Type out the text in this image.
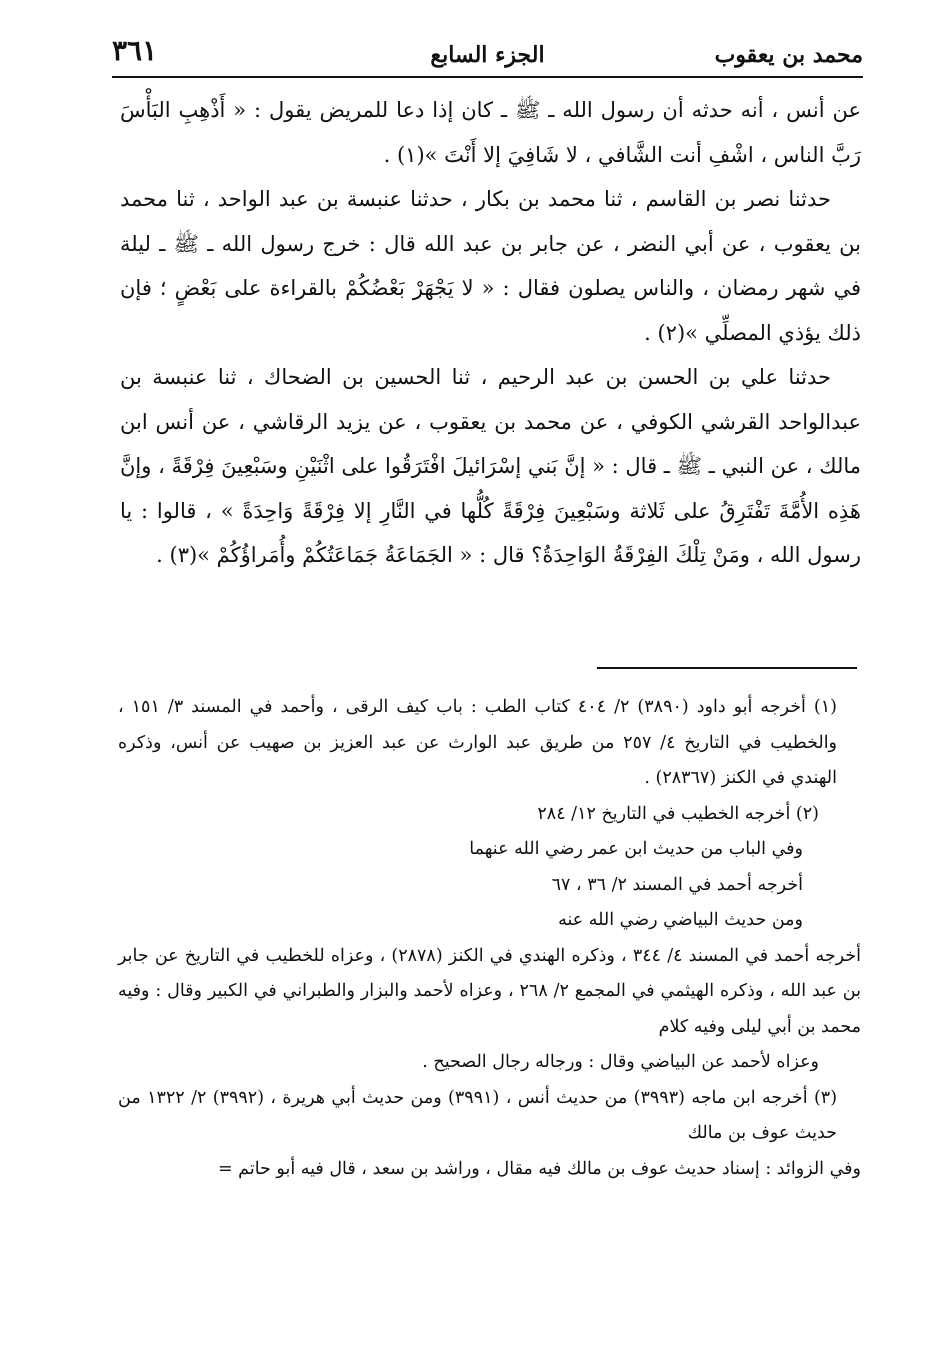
محمد بن يعقوب
الجزء السابع
٣٦١

عن أنس ، أنه حدثه أن رسول الله ـ ﷺ ـ كان إذا دعا للمريض يقول : « أَذْهِبِ البَأْسَ رَبَّ الناس ، اشْفِ أنت الشَّافي ، لا شَافِيَ إلا أَنْتَ »(١) .

حدثنا نصر بن القاسم ، ثنا محمد بن بكار ، حدثنا عنبسة بن عبد الواحد ، ثنا محمد بن يعقوب ، عن أبي النضر ، عن جابر بن عبد الله قال : خرج رسول الله ـ ﷺ ـ ليلة في شهر رمضان ، والناس يصلون فقال : « لا يَجْهَرْ بَعْضُكُمْ بالقراءة على بَعْضٍ ؛ فإن ذلك يؤذي المصلِّي »(٢) .

حدثنا علي بن الحسن بن عبد الرحيم ، ثنا الحسين بن الضحاك ، ثنا عنبسة بن عبدالواحد القرشي الكوفي ، عن محمد بن يعقوب ، عن يزيد الرقاشي ، عن أنس ابن مالك ، عن النبي ـ ﷺ ـ قال : « إنَّ بَني إسْرَائيلَ افْتَرَقُوا على اثْنَيْنِ وسَبْعِينَ فِرْقَةً ، وإنَّ هَذِه الأُمَّةَ تَفْتَرِقُ على ثَلاثة وسَبْعِينَ فِرْقَةً كُلُّها في النَّارِ إلا فِرْقَةً وَاحِدَةً » ، قالوا : يا رسول الله ، ومَنْ تِلْكَ الفِرْقَةُ الوَاحِدَةُ؟ قال : « الجَمَاعَةُ جَمَاعَتُكُمْ وأُمَراؤُكُمْ »(٣) .

(١) أخرجه أبو داود (٣٨٩٠) ٢/ ٤٠٤ كتاب الطب : باب كيف الرقى ، وأحمد في المسند ٣/ ١٥١ ، والخطيب في التاريخ ٤/ ٢٥٧ من طريق عبد الوارث عن عبد العزيز بن صهيب عن أنس، وذكره الهندي في الكنز (٢٨٣٦٧) .

(٢) أخرجه الخطيب في التاريخ ١٢/ ٢٨٤

وفي الباب من حديث ابن عمر رضي الله عنهما

أخرجه أحمد في المسند ٢/ ٣٦ ، ٦٧

ومن حديث البياضي رضي الله عنه

أخرجه أحمد في المسند ٤/ ٣٤٤ ، وذكره الهندي في الكنز (٢٨٧٨) ، وعزاه للخطيب في التاريخ عن جابر بن عبد الله ، وذكره الهيثمي في المجمع ٢/ ٢٦٨ ، وعزاه لأحمد والبزار والطبراني في الكبير وقال : وفيه محمد بن أبي ليلى وفيه كلام

وعزاه لأحمد عن البياضي وقال : ورجاله رجال الصحيح .

(٣) أخرجه ابن ماجه (٣٩٩٣) من حديث أنس ، (٣٩٩١) ومن حديث أبي هريرة ، (٣٩٩٢) ٢/ ١٣٢٢ من حديث عوف بن مالك

وفي الزوائد : إسناد حديث عوف بن مالك فيه مقال ، وراشد بن سعد ، قال فيه أبو حاتم =
